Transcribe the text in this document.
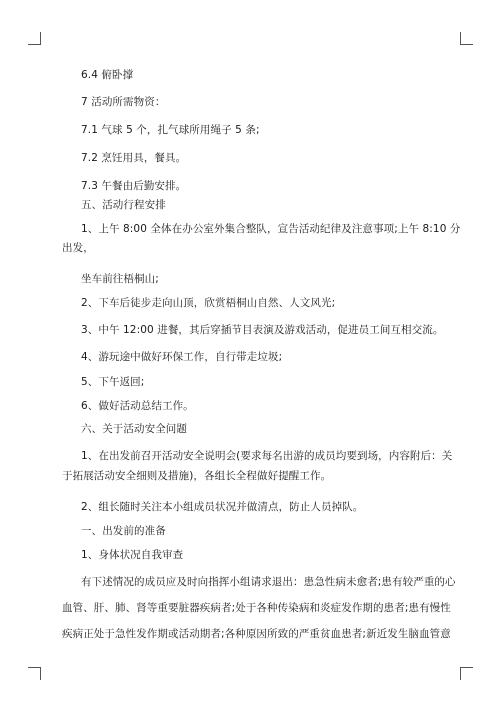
6.4 俯卧撑
7 活动所需物资：
7.1 气球 5 个，扎气球所用绳子 5 条;
7.2 烹饪用具，餐具。
7.3 午餐由后勤安排。
五、活动行程安排
1、上午 8:00 全体在办公室外集合整队，宣告活动纪律及注意事项;上午 8:10 分
出发，
坐车前往梧桐山;
2、下车后徒步走向山顶，欣赏梧桐山自然、人文风光;
3、中午 12:00 进餐，其后穿插节目表演及游戏活动，促进员工间互相交流。
4、游玩途中做好环保工作，自行带走垃圾;
5、下午返回;
6、做好活动总结工作。
六、关于活动安全问题
1、在出发前召开活动安全说明会(要求每名出游的成员均要到场，内容附后：关
于拓展活动安全细则及措施)，各组长全程做好提醒工作。
2、组长随时关注本小组成员状况并做清点，防止人员掉队。
一、出发前的准备
1、身体状况自我审查
有下述情况的成员应及时向指挥小组请求退出：患急性病未愈者;患有较严重的心
血管、肝、肺、肾等重要脏器疾病者;处于各种传染病和炎症发作期的患者;患有慢性
疾病正处于急性发作期或活动期者;各种原因所致的严重贫血患者;新近发生脑血管意
